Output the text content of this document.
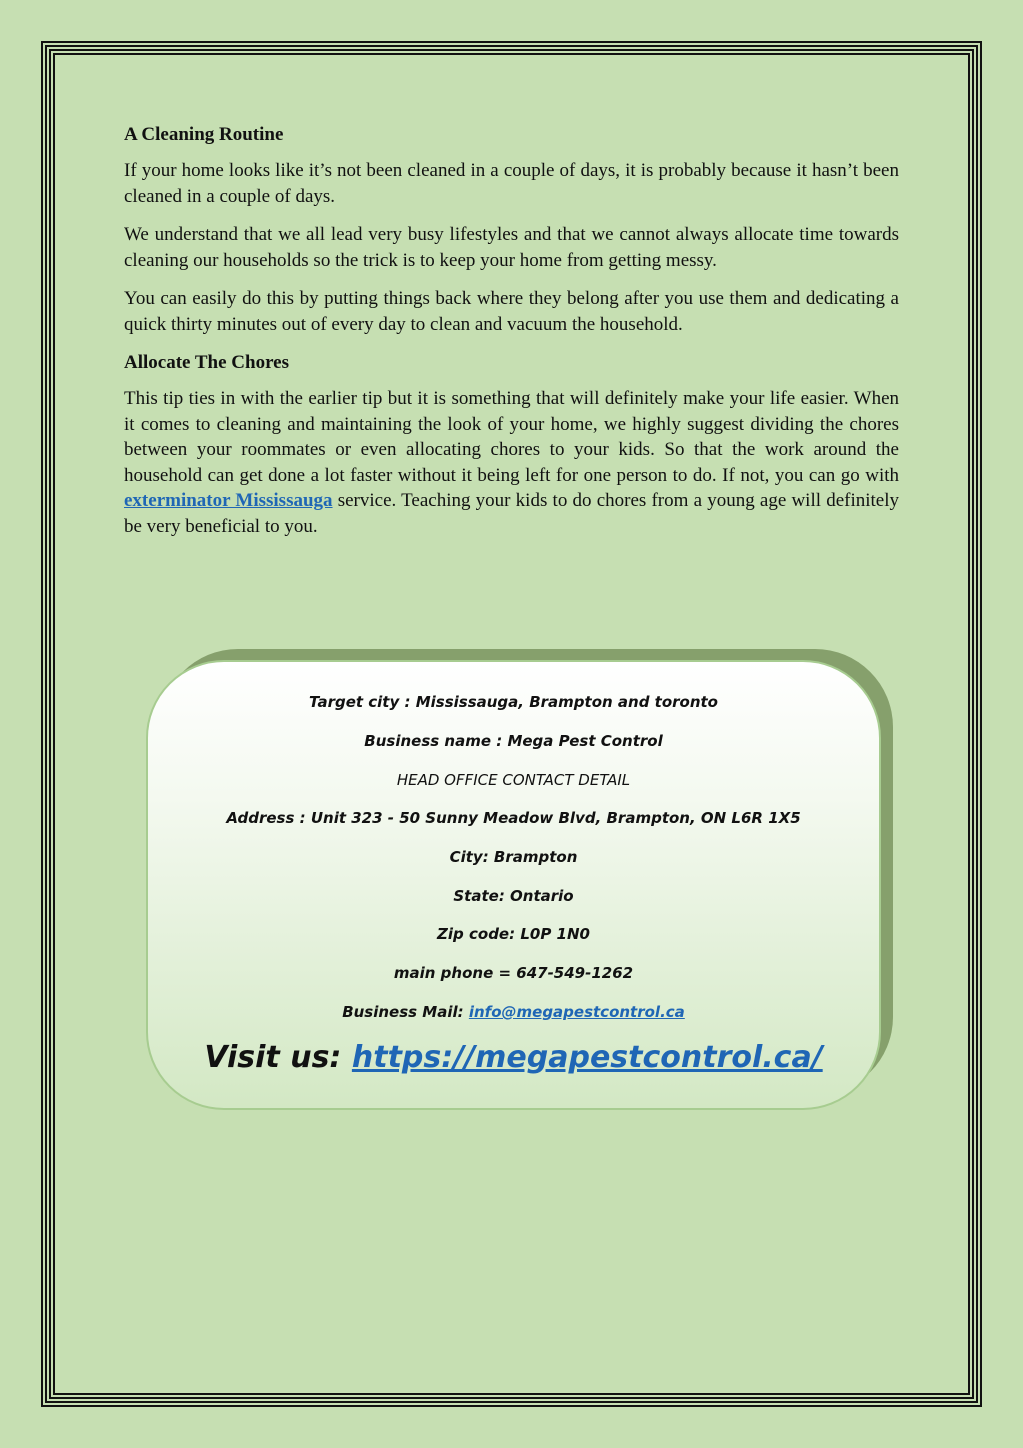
A Cleaning Routine

If your home looks like it’s not been cleaned in a couple of days, it is probably because it hasn’t been cleaned in a couple of days.

We understand that we all lead very busy lifestyles and that we cannot always allocate time towards cleaning our households so the trick is to keep your home from getting messy.

You can easily do this by putting things back where they belong after you use them and dedicating a quick thirty minutes out of every day to clean and vacuum the household.

Allocate The Chores

This tip ties in with the earlier tip but it is something that will definitely make your life easier. When it comes to cleaning and maintaining the look of your home, we highly suggest dividing the chores between your roommates or even allocating chores to your kids. So that the work around the household can get done a lot faster without it being left for one person to do. If not, you can go with exterminator Mississauga service. Teaching your kids to do chores from a young age will definitely be very beneficial to you.

Target city : Mississauga, Brampton and toronto
Business name : Mega Pest Control
HEAD OFFICE CONTACT DETAIL
Address : Unit 323 - 50 Sunny Meadow Blvd, Brampton, ON L6R 1X5
City: Brampton
State: Ontario
Zip code: L0P 1N0
main phone = 647-549-1262
Business Mail: info@megapestcontrol.ca
Visit us: https://megapestcontrol.ca/
